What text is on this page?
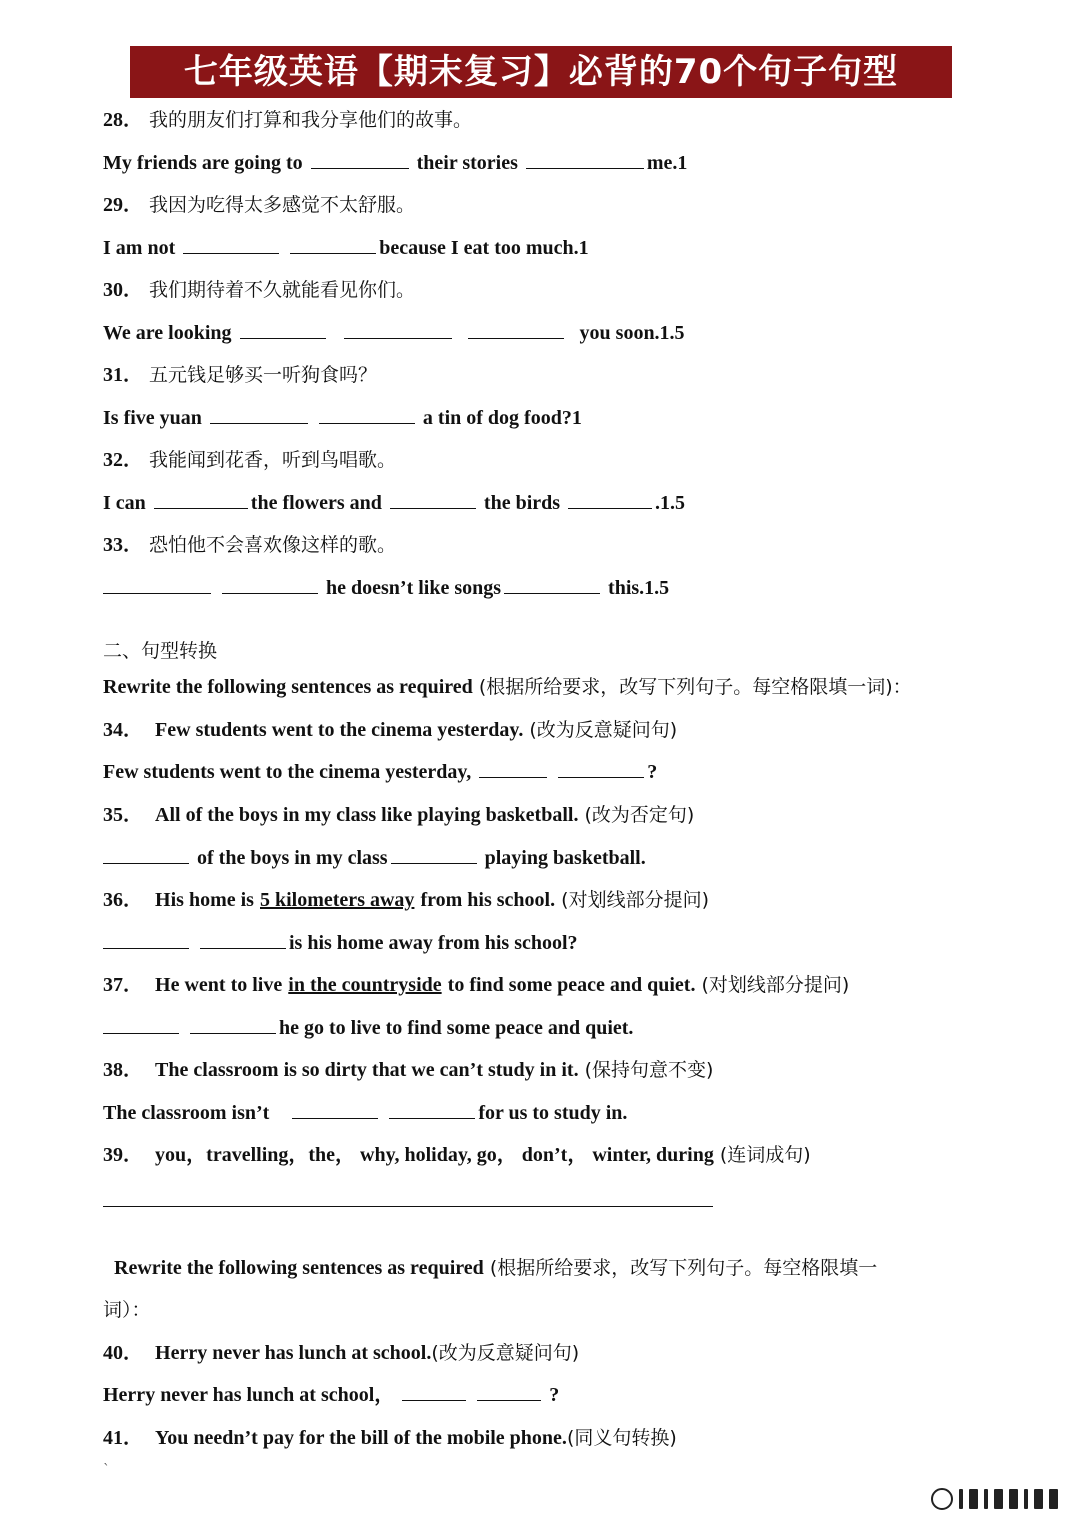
七年级英语【期末复习】必背的70个句子句型
28． 我的朋友们打算和我分享他们的故事。
My friends are going to	their stories	me.1
29． 我因为吃得太多感觉不太舒服。
I am not	because I eat too much.1
30． 我们期待着不久就能看见你们。
We are looking	you soon.1.5
31． 五元钱足够买一听狗食吗？
Is five yuan	a tin of dog food?1
32． 我能闻到花香，听到鸟唱歌。
I can	the flowers and	the birds	.1.5
33． 恐怕他不会喜欢像这样的歌。
he doesn’t like songs	this.1.5
二、句型转换
Rewrite the following sentences as required (根据所给要求，改写下列句子。每空格限填一词)：
34． Few students went to the cinema yesterday. (改为反意疑问句)
Few students went to the cinema yesterday,	?
35． All of the boys in my class like playing basketball. (改为否定句)
of the boys in my class	playing basketball.
36． His home is 5 kilometers away from his school. (对划线部分提问)
is his home away from his school?
37． He went to live in the countryside to find some peace and quiet. (对划线部分提问)
he go to live to find some peace and quiet.
38． The classroom is so dirty that we can’t study in it. (保持句意不变)
The classroom isn’t	for us to study in.
39． you，travelling，the， why, holiday, go， don’t， winter, during (连词成句)
Rewrite the following sentences as required (根据所给要求，改写下列句子。每空格限填一
词）：
40． Herry never has lunch at school.(改为反意疑问句)
Herry never has lunch at school，	?
41． You needn’t pay for the bill of the mobile phone.(同义句转换)
ˋ
